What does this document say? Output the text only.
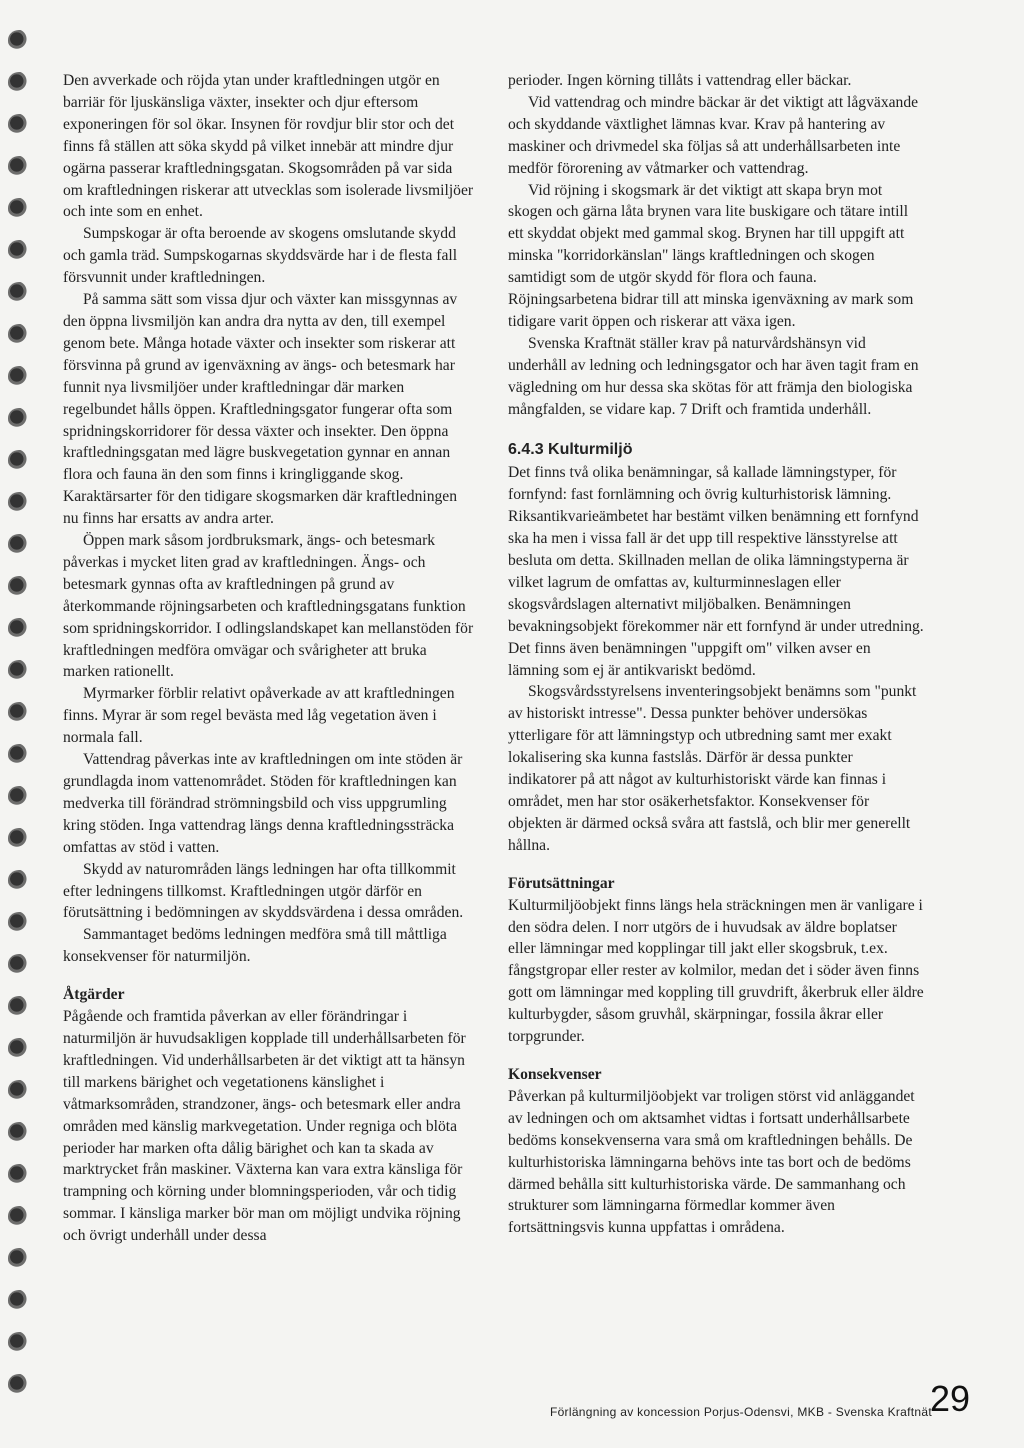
Den avverkade och röjda ytan under kraftledningen utgör en barriär för ljuskänsliga växter, insekter och djur eftersom exponeringen för sol ökar. Insynen för rovdjur blir stor och det finns få ställen att söka skydd på vilket innebär att mindre djur ogärna passerar kraftledningsgatan. Skogsområden på var sida om kraftledningen riskerar att utvecklas som isolerade livsmiljöer och inte som en enhet.

Sumpskogar är ofta beroende av skogens omslutande skydd och gamla träd. Sumpskogarnas skyddsvärde har i de flesta fall försvunnit under kraftledningen.

På samma sätt som vissa djur och växter kan missgynnas av den öppna livsmiljön kan andra dra nytta av den, till exempel genom bete. Många hotade växter och insekter som riskerar att försvinna på grund av igenväxning av ängs- och betesmark har funnit nya livsmiljöer under kraftledningar där marken regelbundet hålls öppen. Kraftledningsgator fungerar ofta som spridningskorridorer för dessa växter och insekter. Den öppna kraftledningsgatan med lägre buskvegetation gynnar en annan flora och fauna än den som finns i kringliggande skog. Karaktärsarter för den tidigare skogsmarken där kraftledningen nu finns har ersatts av andra arter.

Öppen mark såsom jordbruksmark, ängs- och betesmark påverkas i mycket liten grad av kraftledningen. Ängs- och betesmark gynnas ofta av kraftledningen på grund av återkommande röjningsarbeten och kraftledningsgatans funktion som spridningskorridor. I odlingslandskapet kan mellanstöden för kraftledningen medföra omvägar och svårigheter att bruka marken rationellt.

Myrmarker förblir relativt opåverkade av att kraftledningen finns. Myrar är som regel bevästa med låg vegetation även i normala fall.

Vattendrag påverkas inte av kraftledningen om inte stöden är grundlagda inom vattenområdet. Stöden för kraftledningen kan medverka till förändrad strömningsbild och viss uppgrumling kring stöden. Inga vattendrag längs denna kraftledningssträcka omfattas av stöd i vatten.

Skydd av naturområden längs ledningen har ofta tillkommit efter ledningens tillkomst. Kraftledningen utgör därför en förutsättning i bedömningen av skyddsvärdena i dessa områden.

Sammantaget bedöms ledningen medföra små till måttliga konsekvenser för naturmiljön.

Åtgärder

Pågående och framtida påverkan av eller förändringar i naturmiljön är huvudsakligen kopplade till underhållsarbeten för kraftledningen. Vid underhållsarbeten är det viktigt att ta hänsyn till markens bärighet och vegetationens känslighet i våtmarksområden, strandzoner, ängs- och betesmark eller andra områden med känslig markvegetation. Under regniga och blöta perioder har marken ofta dålig bärighet och kan ta skada av marktrycket från maskiner. Växterna kan vara extra känsliga för trampning och körning under blomningsperioden, vår och tidig sommar. I känsliga marker bör man om möjligt undvika röjning och övrigt underhåll under dessa

perioder. Ingen körning tillåts i vattendrag eller bäckar.

Vid vattendrag och mindre bäckar är det viktigt att lågväxande och skyddande växtlighet lämnas kvar. Krav på hantering av maskiner och drivmedel ska följas så att underhållsarbeten inte medför förorening av våtmarker och vattendrag.

Vid röjning i skogsmark är det viktigt att skapa bryn mot skogen och gärna låta brynen vara lite buskigare och tätare intill ett skyddat objekt med gammal skog. Brynen har till uppgift att minska "korridorkänslan" längs kraftledningen och skogen samtidigt som de utgör skydd för flora och fauna. Röjningsarbetena bidrar till att minska igenväxning av mark som tidigare varit öppen och riskerar att växa igen.

Svenska Kraftnät ställer krav på naturvårdshänsyn vid underhåll av ledning och ledningsgator och har även tagit fram en vägledning om hur dessa ska skötas för att främja den biologiska mångfalden, se vidare kap. 7 Drift och framtida underhåll.

6.4.3 Kulturmiljö

Det finns två olika benämningar, så kallade lämningstyper, för fornfynd: fast fornlämning och övrig kulturhistorisk lämning. Riksantikvarieämbetet har bestämt vilken benämning ett fornfynd ska ha men i vissa fall är det upp till respektive länsstyrelse att besluta om detta. Skillnaden mellan de olika lämningstyperna är vilket lagrum de omfattas av, kulturminneslagen eller skogsvårdslagen alternativt miljöbalken. Benämningen bevakningsobjekt förekommer när ett fornfynd är under utredning. Det finns även benämningen "uppgift om" vilken avser en lämning som ej är antikvariskt bedömd.

Skogsvårdsstyrelsens inventeringsobjekt benämns som "punkt av historiskt intresse". Dessa punkter behöver undersökas ytterligare för att lämningstyp och utbredning samt mer exakt lokalisering ska kunna fastslås. Därför är dessa punkter indikatorer på att något av kulturhistoriskt värde kan finnas i området, men har stor osäkerhetsfaktor. Konsekvenser för objekten är därmed också svåra att fastslå, och blir mer generellt hållna.

Förutsättningar

Kulturmiljöobjekt finns längs hela sträckningen men är vanligare i den södra delen. I norr utgörs de i huvudsak av äldre boplatser eller lämningar med kopplingar till jakt eller skogsbruk, t.ex. fångstgropar eller rester av kolmilor, medan det i söder även finns gott om lämningar med koppling till gruvdrift, åkerbruk eller äldre kulturbygder, såsom gruvhål, skärpningar, fossila åkrar eller torpgrunder.

Konsekvenser

Påverkan på kulturmiljöobjekt var troligen störst vid anläggandet av ledningen och om aktsamhet vidtas i fortsatt underhållsarbete bedöms konsekvenserna vara små om kraftledningen behålls. De kulturhistoriska lämningarna behövs inte tas bort och de bedöms därmed behålla sitt kulturhistoriska värde. De sammanhang och strukturer som lämningarna förmedlar kommer även fortsättningsvis kunna uppfattas i områdena.

Förlängning av koncession Porjus-Odensvi, MKB - Svenska Kraftnät
29
